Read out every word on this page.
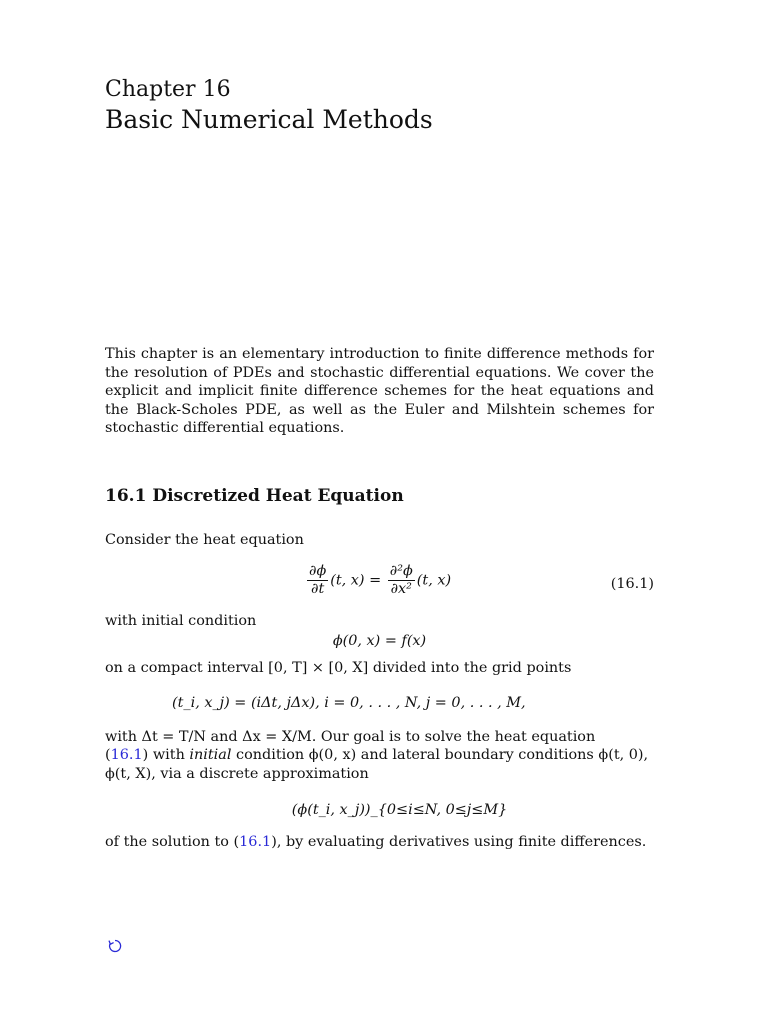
Chapter 16
Basic Numerical Methods

This chapter is an elementary introduction to finite difference methods for the resolution of PDEs and stochastic differential equations. We cover the explicit and implicit finite difference schemes for the heat equations and the Black-Scholes PDE, as well as the Euler and Milshtein schemes for stochastic differential equations.

16.1 Discretized Heat Equation
Consider the heat equation
$\frac{\partial\phi}{\partial t} (t$, $x) = \frac{\text{∂²ϕ}}{\text{∂x²}} (t$, x)	(16.1)
with initial condition
ϕ(0, x) = f(x)
on a compact interval [0, T] × [0, X] divided into the grid points
(t_i, x_j) = (iΔt, jΔx), i = 0, . . . , N, j = 0, . . . , M,
with Δt = T/N and Δx = X/M. Our goal is to solve the heat equation
(16.1) with initial condition ϕ(0, x) and lateral boundary conditions ϕ(t, 0),
ϕ(t, X), via a discrete approximation
(ϕ(t_i, x_j))_{0≤i≤N, 0≤j≤M}
of the solution to (16.1), by evaluating derivatives using finite differences.
